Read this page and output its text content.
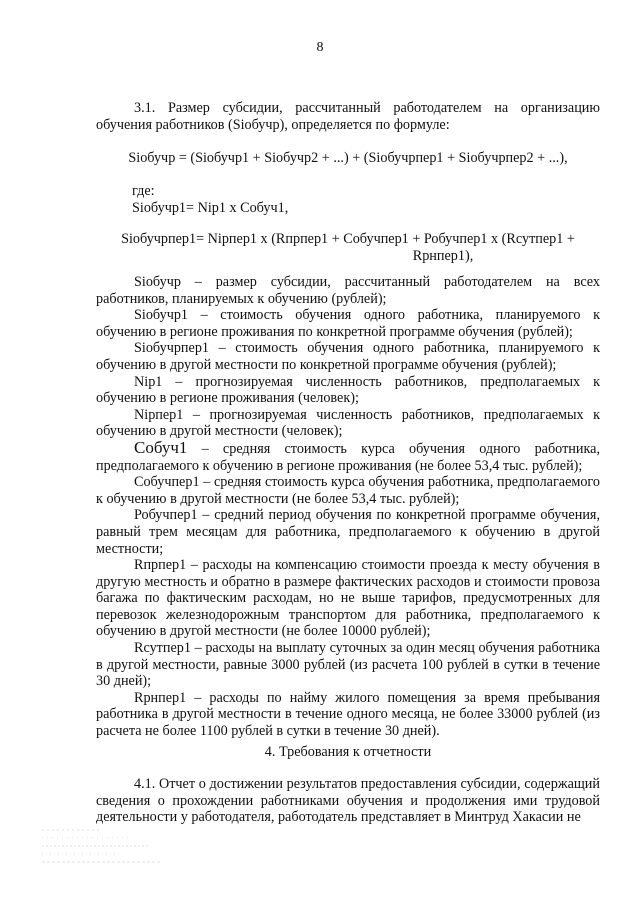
8

3.1. Размер субсидии, рассчитанный работодателем на организацию обучения работников (Siобучр), определяется по формуле:

Siобучр = (Siобучр1 + Siобучр2 + ...) + (Siобучрпер1 + Siобучрпер2 + ...),

где:

Siобучр1= Nip1 x Собуч1,

Siобучрпер1= Nipпер1 x (Rпрпер1 + Собучпер1 + Робучпер1 x (Rсутпер1 +

Rрнпер1),

Siобучр – размер субсидии, рассчитанный работодателем на всех работников, планируемых к обучению (рублей);

Siобучр1 – стоимость обучения одного работника, планируемого к обучению в регионе проживания по конкретной программе обучения (рублей);

Siобучрпер1 – стоимость обучения одного работника, планируемого к обучению в другой местности по конкретной программе обучения (рублей);

Nip1 – прогнозируемая численность работников, предполагаемых к обучению в регионе проживания (человек);

Nipпер1 – прогнозируемая численность работников, предполагаемых к обучению в другой местности (человек);

Собуч1 – средняя стоимость курса обучения одного работника, предполагаемого к обучению в регионе проживания (не более 53,4 тыс. рублей);

Собучпер1 – средняя стоимость курса обучения работника, предполагаемого к обучению в другой местности (не более 53,4 тыс. рублей);

Робучпер1 – средний период обучения по конкретной программе обучения, равный трем месяцам для работника, предполагаемого к обучению в другой местности;

Rпрпер1 – расходы на компенсацию стоимости проезда к месту обучения в другую местность и обратно в размере фактических расходов и стоимости провоза багажа по фактическим расходам, но не выше тарифов, предусмотренных для перевозок железнодорожным транспортом для работника, предполагаемого к обучению в другой местности (не более 10000 рублей);

Rсутпер1 – расходы на выплату суточных за один месяц обучения работника в другой местности, равные 3000 рублей (из расчета 100 рублей в сутки в течение 30 дней);

Rрнпер1 – расходы по найму жилого помещения за время пребывания работника в другой местности в течение одного месяца, не более 33000 рублей (из расчета не более 1100 рублей в сутки в течение 30 дней).

4. Требования к отчетности

4.1. Отчет о достижении результатов предоставления субсидии, содержащий сведения о прохождении работниками обучения и продолжения ими трудовой деятельности у работодателя, работодатель представляет в Минтруд Хакасии не
